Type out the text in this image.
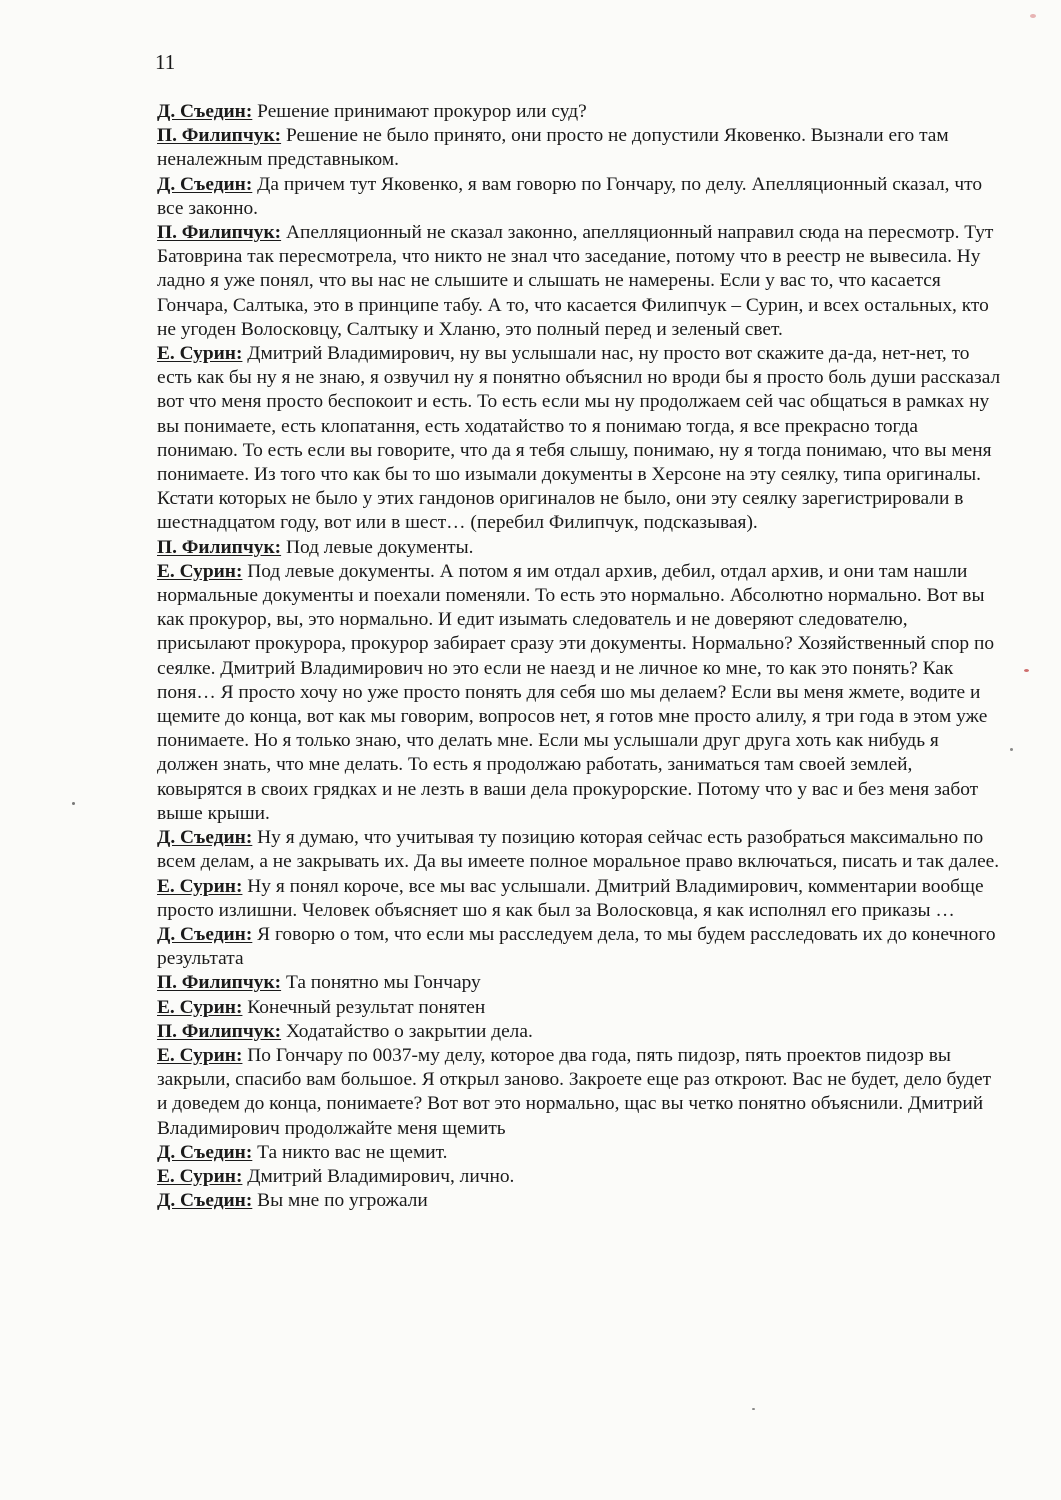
11

Д. Съедин: Решение принимают прокурор или суд?

П. Филипчук: Решение не было принято, они просто не допустили Яковенко. Вызнали его там неналежным представныком.

Д. Съедин: Да причем тут Яковенко, я вам говорю по Гончару, по делу. Апелляционный сказал, что все законно.

П. Филипчук: Апелляционный не сказал законно, апелляционный направил сюда на пересмотр. Тут Батоврина так пересмотрела, что никто не знал что заседание, потому что в реестр не вывесила. Ну ладно я уже понял, что вы нас не слышите и слышать не намерены. Если у вас то, что касается Гончара, Салтыка, это в принципе табу. А то, что касается Филипчук – Сурин, и всех остальных, кто не угоден Волосковцу, Салтыку и Хланю, это полный перед и зеленый свет.

Е. Сурин: Дмитрий Владимирович, ну вы услышали нас, ну просто вот скажите да-да, нет-нет, то есть как бы ну я не знаю, я озвучил ну я понятно объяснил но вроди бы я просто боль души рассказал вот что меня просто беспокоит и есть. То есть если мы ну продолжаем сей час общаться в рамках ну вы понимаете, есть клопатання, есть ходатайство то я понимаю тогда, я все прекрасно тогда понимаю. То есть если вы говорите, что да я тебя слышу, понимаю, ну я тогда понимаю, что вы меня понимаете. Из того что как бы то шо изымали документы в Херсоне на эту сеялку, типа оригиналы. Кстати которых не было у этих гандонов оригиналов не было, они эту сеялку зарегистрировали в шестнадцатом году, вот или в шест… (перебил Филипчук, подсказывая).

П. Филипчук: Под левые документы.

Е. Сурин: Под левые документы. А потом я им отдал архив, дебил, отдал архив, и они там нашли нормальные документы и поехали поменяли. То есть это нормально. Абсолютно нормально. Вот вы как прокурор, вы, это нормально. И едит изымать следователь и не доверяют следователю, присылают прокурора, прокурор забирает сразу эти документы. Нормально? Хозяйственный спор по сеялке. Дмитрий Владимирович но это если не наезд и не личное ко мне, то как это понять? Как поня… Я просто хочу но уже просто понять для себя шо мы делаем? Если вы меня жмете, водите и щемите до конца, вот как мы говорим, вопросов нет, я готов мне просто алилу, я три года в этом уже понимаете. Но я только знаю, что делать мне. Если мы услышали друг друга хоть как нибудь я должен знать, что мне делать. То есть я продолжаю работать, заниматься там своей землей, ковырятся в своих грядках и не лезть в ваши дела прокурорские. Потому что у вас и без меня забот выше крыши.

Д. Съедин: Ну я думаю, что учитывая ту позицию которая сейчас есть разобраться максимально по всем делам, а не закрывать их. Да вы имеете полное моральное право включаться, писать и так далее.

Е. Сурин: Ну я понял короче, все мы вас услышали. Дмитрий Владимирович, комментарии вообще просто излишни. Человек объясняет шо я как был за Волосковца, я как исполнял его приказы …

Д. Съедин: Я говорю о том, что если мы расследуем дела, то мы будем расследовать их до конечного результата

П. Филипчук: Та понятно мы Гончару

Е. Сурин: Конечный результат понятен

П. Филипчук: Ходатайство о закрытии дела.

Е. Сурин: По Гончару по 0037-му делу, которое два года, пять пидозр, пять проектов пидозр вы закрыли, спасибо вам большое. Я открыл заново. Закроете еще раз откроют. Вас не будет, дело будет и доведем до конца, понимаете? Вот вот это нормально, щас вы четко понятно объяснили. Дмитрий Владимирович продолжайте меня щемить

Д. Съедин: Та никто вас не щемит.

Е. Сурин: Дмитрий Владимирович, лично.

Д. Съедин: Вы мне по угрожали
